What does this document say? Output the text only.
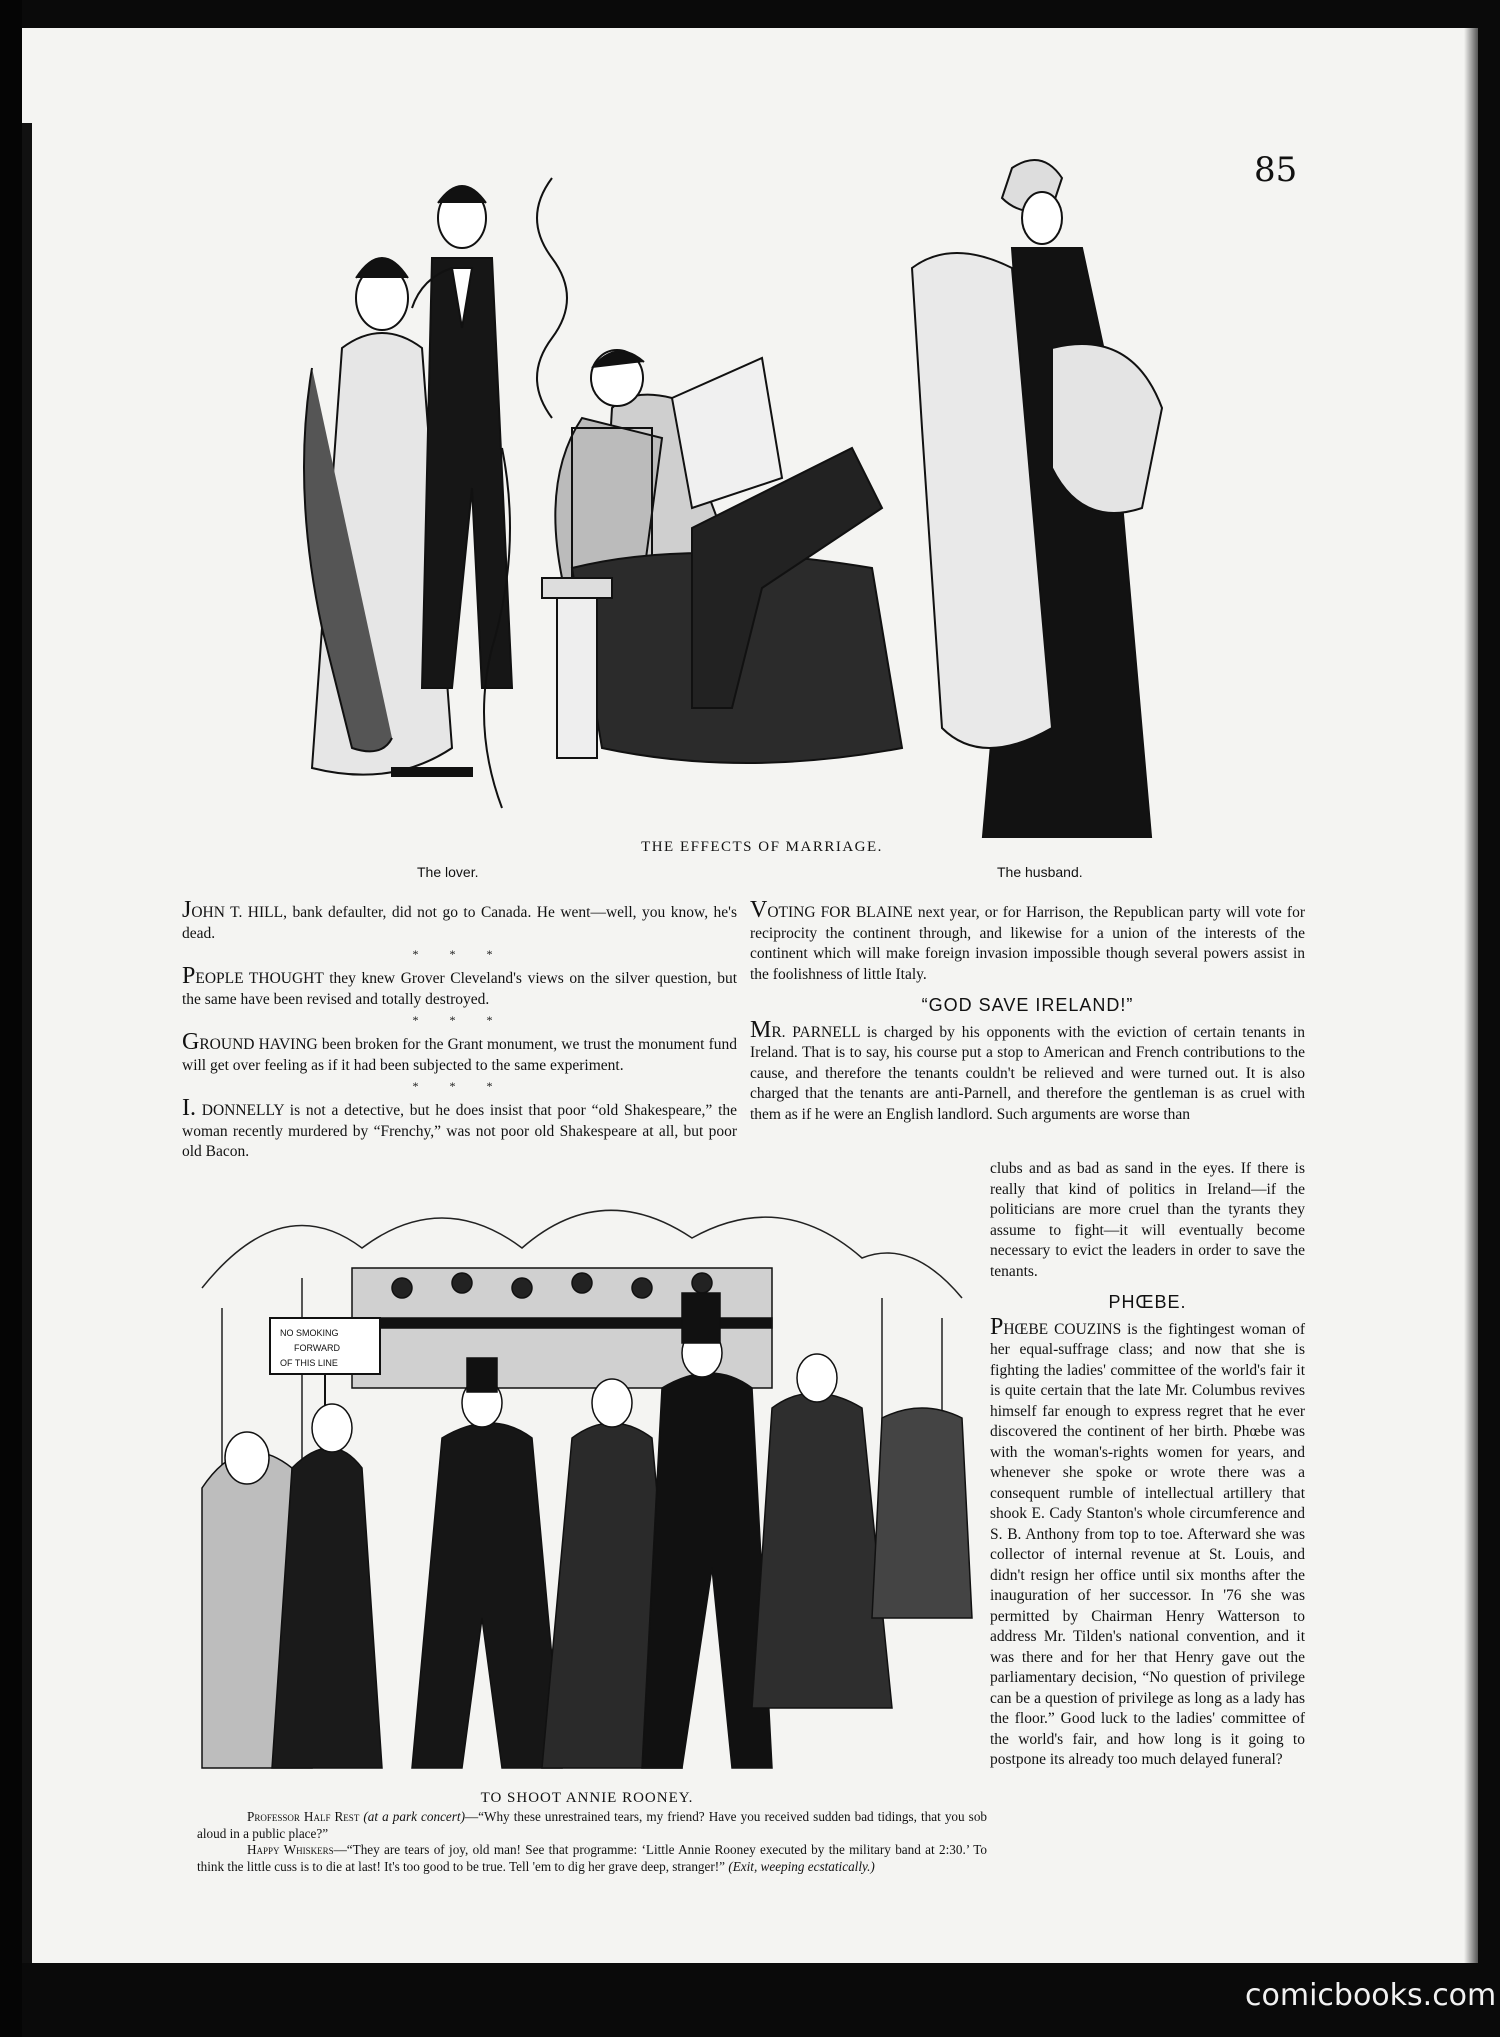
85
THE EFFECTS OF MARRIAGE.
The lover.	The husband.

JOHN T. HILL, bank defaulter, did not go to Canada. He went—well, you know, he's dead.

* * *

PEOPLE THOUGHT they knew Grover Cleveland's views on the silver question, but the same have been revised and totally destroyed.

* * *

GROUND HAVING been broken for the Grant monument, we trust the monument fund will get over feeling as if it had been subjected to the same experiment.

* * *

I. DONNELLY is not a detective, but he does insist that poor “old Shakespeare,” the woman recently murdered by “Frenchy,” was not poor old Shakespeare at all, but poor old Bacon.

VOTING FOR BLAINE next year, or for Harrison, the Republican party will vote for reciprocity the continent through, and likewise for a union of the interests of the continent which will make foreign invasion impossible though several powers assist in the foolishness of little Italy.

“GOD SAVE IRELAND!”

MR. PARNELL is charged by his opponents with the eviction of certain tenants in Ireland. That is to say, his course put a stop to American and French contributions to the cause, and therefore the tenants couldn't be relieved and were turned out. It is also charged that the tenants are anti-Parnell, and therefore the gentleman is as cruel with them as if he were an English landlord. Such arguments are worse than

clubs and as bad as sand in the eyes. If there is really that kind of politics in Ireland—if the politicians are more cruel than the tyrants they assume to fight—it will eventually become necessary to evict the leaders in order to save the tenants.

PHŒBE.

PHŒBE COUZINS is the fightingest woman of her equal-suffrage class; and now that she is fighting the ladies' committee of the world's fair it is quite certain that the late Mr. Columbus revives himself far enough to express regret that he ever discovered the continent of her birth. Phœbe was with the woman's-rights women for years, and whenever she spoke or wrote there was a consequent rumble of intellectual artillery that shook E. Cady Stanton's whole circumference and S. B. Anthony from top to toe. Afterward she was collector of internal revenue at St. Louis, and didn't resign her office until six months after the inauguration of her successor. In '76 she was permitted by Chairman Henry Watterson to address Mr. Tilden's national convention, and it was there and for her that Henry gave out the parliamentary decision, “No question of privilege can be a question of privilege as long as a lady has the floor.” Good luck to the ladies' committee of the world's fair, and how long is it going to postpone its already too much delayed funeral?

NO SMOKING
FORWARD
OF THIS LINE
TO SHOOT ANNIE ROONEY.

Professor Half Rest (at a park concert)—“Why these unrestrained tears, my friend? Have you received sudden bad tidings, that you sob aloud in a public place?”

Happy Whiskers—“They are tears of joy, old man! See that programme: ‘Little Annie Rooney executed by the military band at 2:30.’ To think the little cuss is to die at last! It's too good to be true. Tell 'em to dig her grave deep, stranger!” (Exit, weeping ecstatically.)

comicbooks.com
